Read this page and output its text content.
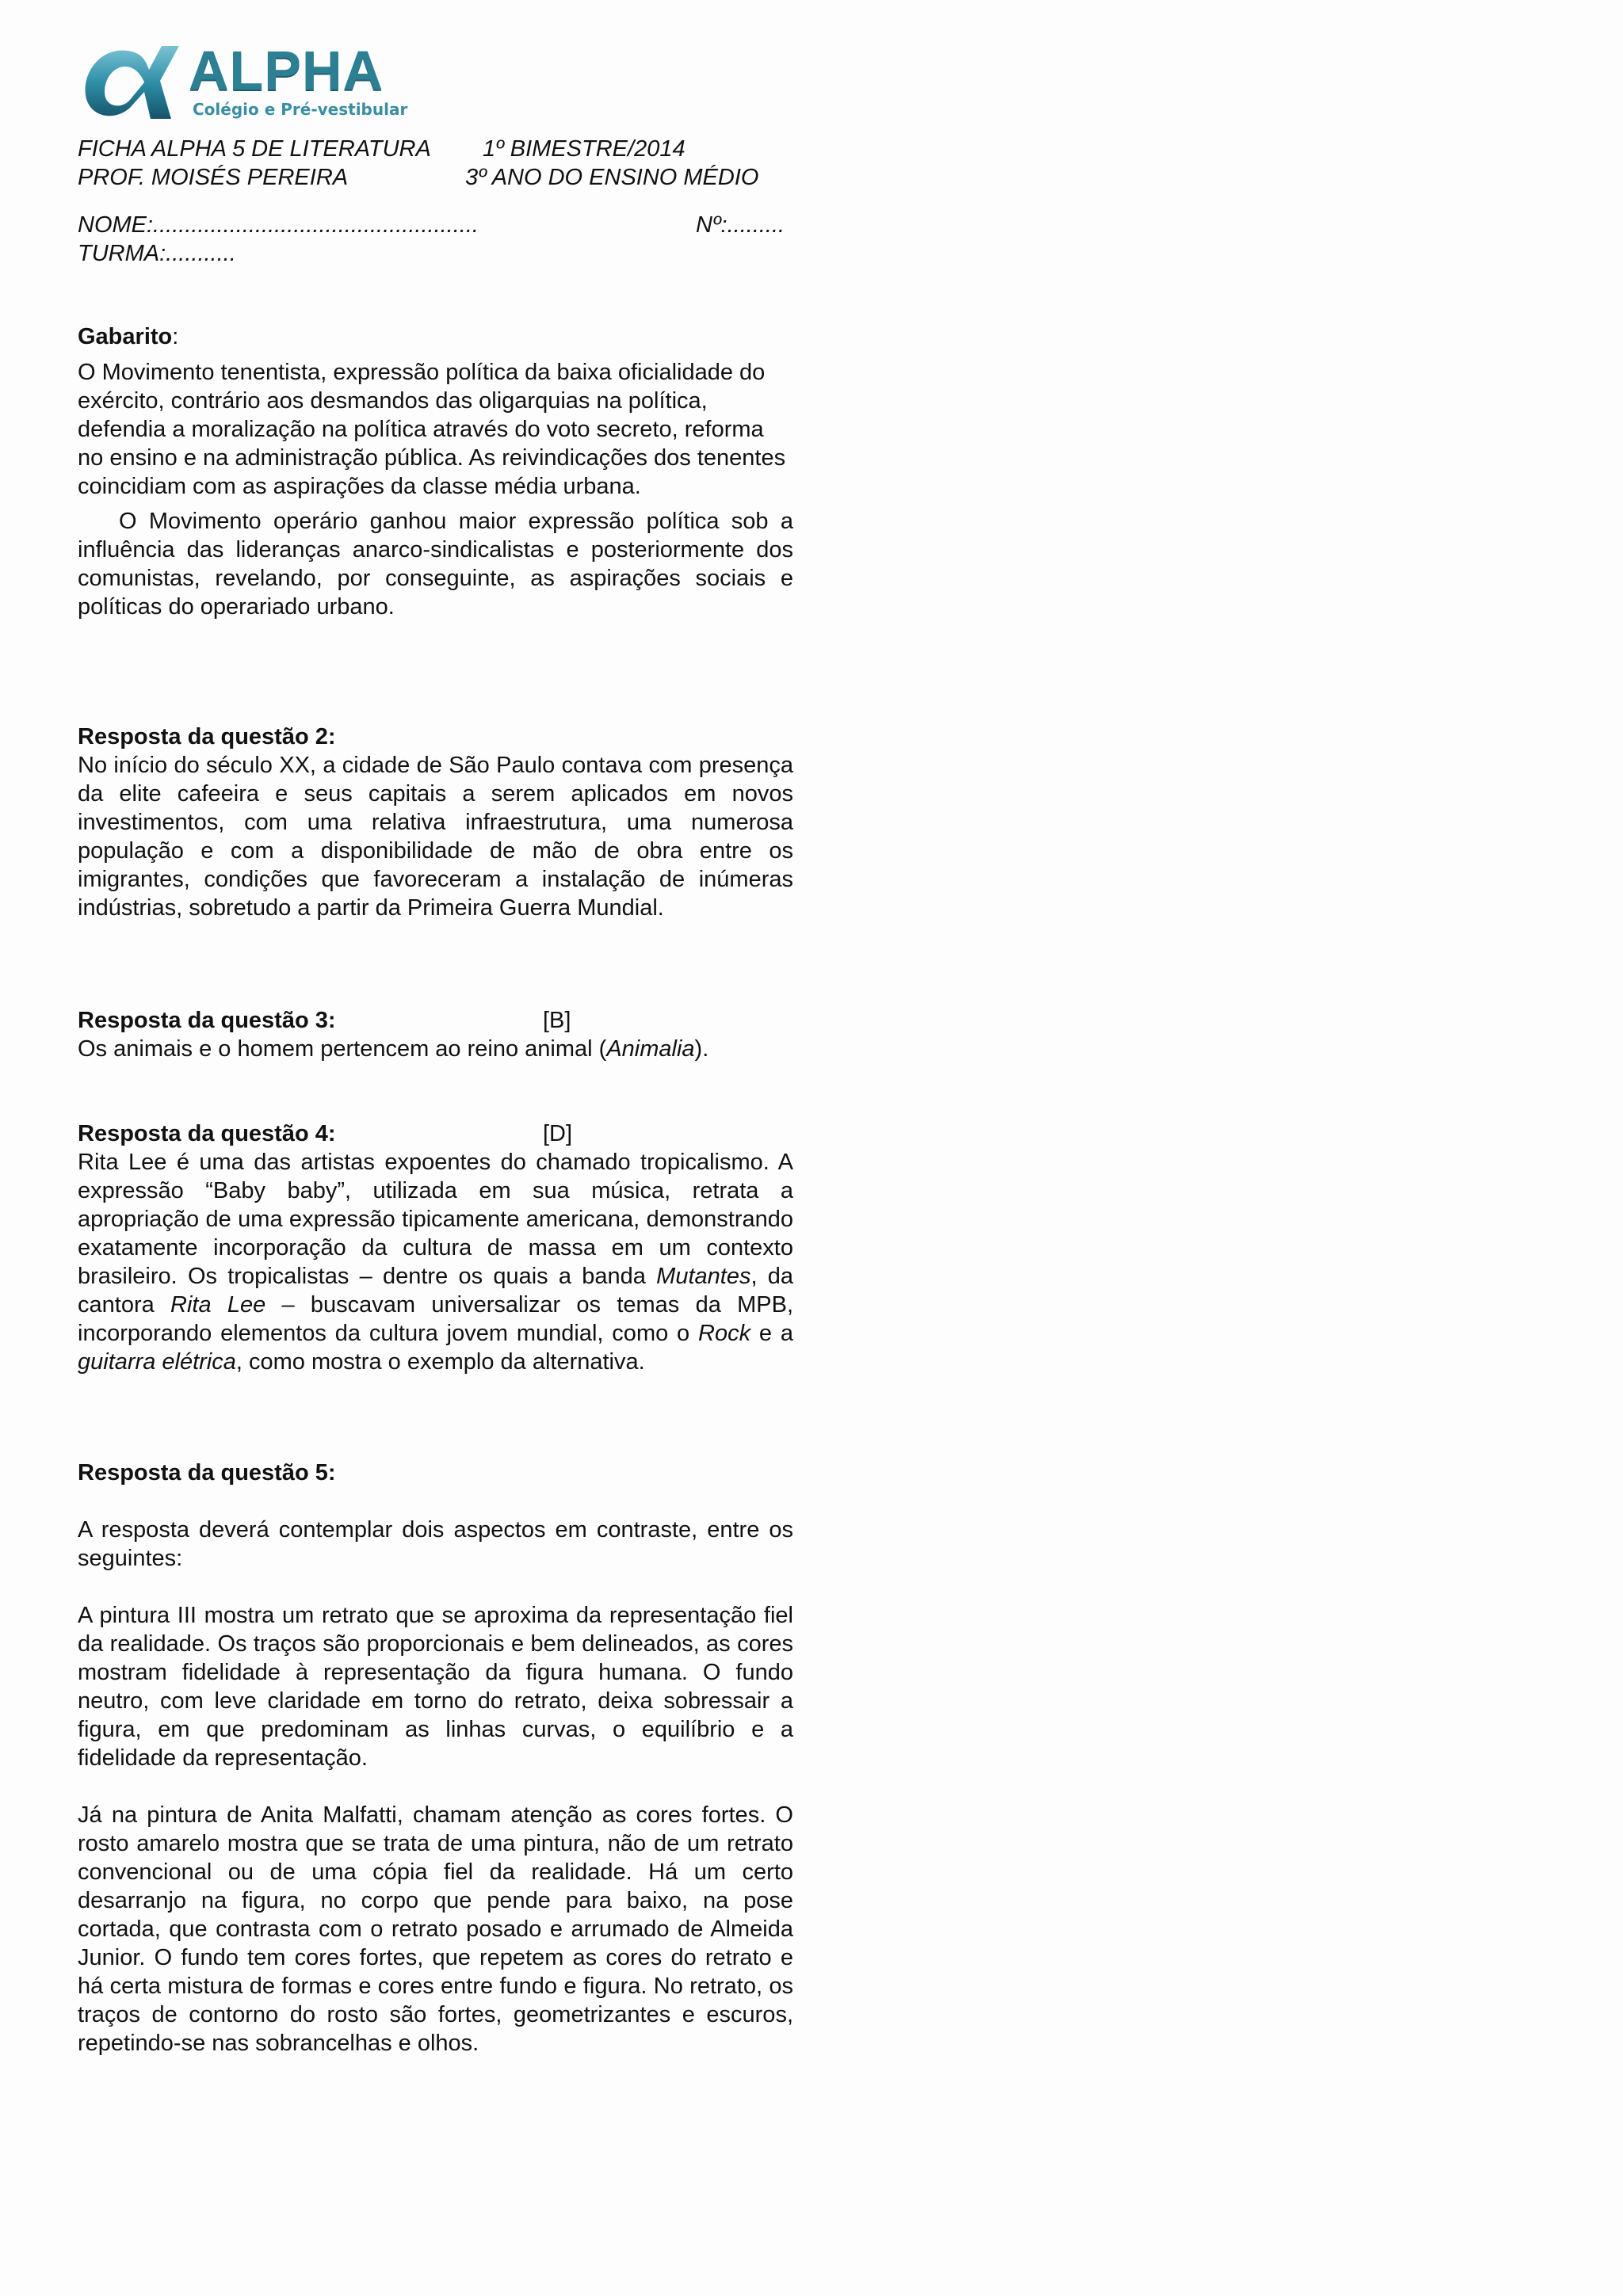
ALPHA
Colégio e Pré-vestibular
FICHA ALPHA 5 DE LITERATURA 1º BIMESTRE/2014
PROF. MOISÉS PEREIRA	3º ANO DO ENSINO MÉDIO
NOME:...................................................	Nº:.........
TURMA:...........
Gabarito:

O Movimento tenentista, expressão política da baixa oficialidade do exército, contrário aos desmandos das oligarquias na política, defendia a moralização na política através do voto secreto, reforma no ensino e na administração pública. As reivindicações dos tenentes coincidiam com as aspirações da classe média urbana.

O Movimento operário ganhou maior expressão política sob a influência das lideranças anarco-sindicalistas e posteriormente dos comunistas, revelando, por conseguinte, as aspirações sociais e políticas do operariado urbano.

Resposta da questão 2:
No início do século XX, a cidade de São Paulo contava com presença da elite cafeeira e seus capitais a serem aplicados em novos investimentos, com uma relativa infraestrutura, uma numerosa população e com a disponibilidade de mão de obra entre os imigrantes, condições que favoreceram a instalação de inúmeras indústrias, sobretudo a partir da Primeira Guerra Mundial.
Resposta da questão 3:	[B]
Os animais e o homem pertencem ao reino animal (Animalia).
Resposta da questão 4:	[D]
Rita Lee é uma das artistas expoentes do chamado tropicalismo. A expressão “Baby baby”, utilizada em sua música, retrata a apropriação de uma expressão tipicamente americana, demonstrando exatamente incorporação da cultura de massa em um contexto brasileiro. Os tropicalistas – dentre os quais a banda Mutantes, da cantora Rita Lee – buscavam universalizar os temas da MPB, incorporando elementos da cultura jovem mundial, como o Rock e a guitarra elétrica, como mostra o exemplo da alternativa.
Resposta da questão 5:
A resposta deverá contemplar dois aspectos em contraste, entre os seguintes:
A pintura III mostra um retrato que se aproxima da representação fiel da realidade. Os traços são proporcionais e bem delineados, as cores mostram fidelidade à representação da figura humana. O fundo neutro, com leve claridade em torno do retrato, deixa sobressair a figura, em que predominam as linhas curvas, o equilíbrio e a fidelidade da representação.
Já na pintura de Anita Malfatti, chamam atenção as cores fortes. O rosto amarelo mostra que se trata de uma pintura, não de um retrato convencional ou de uma cópia fiel da realidade. Há um certo desarranjo na figura, no corpo que pende para baixo, na pose cortada, que contrasta com o retrato posado e arrumado de Almeida Junior. O fundo tem cores fortes, que repetem as cores do retrato e há certa mistura de formas e cores entre fundo e figura. No retrato, os traços de contorno do rosto são fortes, geometrizantes e escuros, repetindo-se nas sobrancelhas e olhos.
